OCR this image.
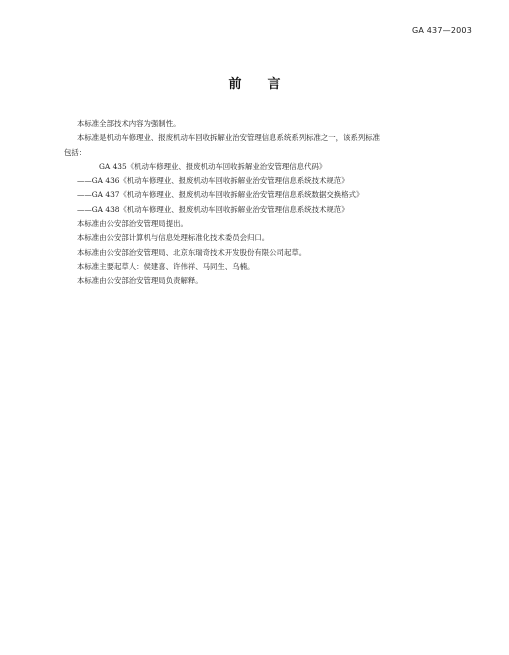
GA 437—2003
前言
本标准全部技术内容为强制性。
本标准是机动车修理业、报废机动车回收拆解业治安管理信息系统系列标准之一，该系列标准
包括：
GA 435《机动车修理业、报废机动车回收拆解业治安管理信息代码》
——GA 436《机动车修理业、报废机动车回收拆解业治安管理信息系统技术规范》
——GA 437《机动车修理业、报废机动车回收拆解业治安管理信息系统数据交换格式》
——GA 438《机动车修理业、报废机动车回收拆解业治安管理信息系统技术规范》
本标准由公安部治安管理局提出。
本标准由公安部计算机与信息处理标准化技术委员会归口。
本标准由公安部治安管理局、北京东瑞奇技术开发股份有限公司起草。
本标准主要起草人：侯建喜、许伟祥、马同生、乌楠。
本标准由公安部治安管理局负责解释。
